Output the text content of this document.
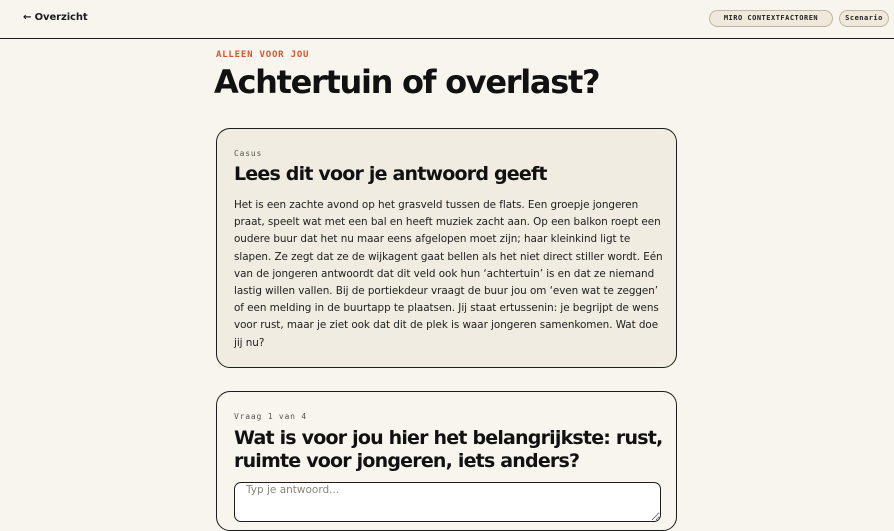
← Overzicht	MIRO CONTEXTFACTOREN	Scenario
ALLEEN VOOR JOU
Achtertuin of overlast?
Casus
Lees dit voor je antwoord geeft

Het is een zachte avond op het grasveld tussen de flats. Een groepje jongeren praat, speelt wat met een bal en heeft muziek zacht aan. Op een balkon roept een oudere buur dat het nu maar eens afgelopen moet zijn; haar kleinkind ligt te slapen. Ze zegt dat ze de wijkagent gaat bellen als het niet direct stiller wordt. Eén van de jongeren antwoordt dat dit veld ook hun ‘achtertuin’ is en dat ze niemand lastig willen vallen. Bij de portiekdeur vraagt de buur jou om ‘even wat te zeggen’ of een melding in de buurtapp te plaatsen. Jij staat ertussenin: je begrijpt de wens voor rust, maar je ziet ook dat dit de plek is waar jongeren samenkomen. Wat doe jij nu?

Vraag 1 van 4
Wat is voor jou hier het belangrijkste: rust, ruimte voor jongeren, iets anders?
Typ je antwoord...
